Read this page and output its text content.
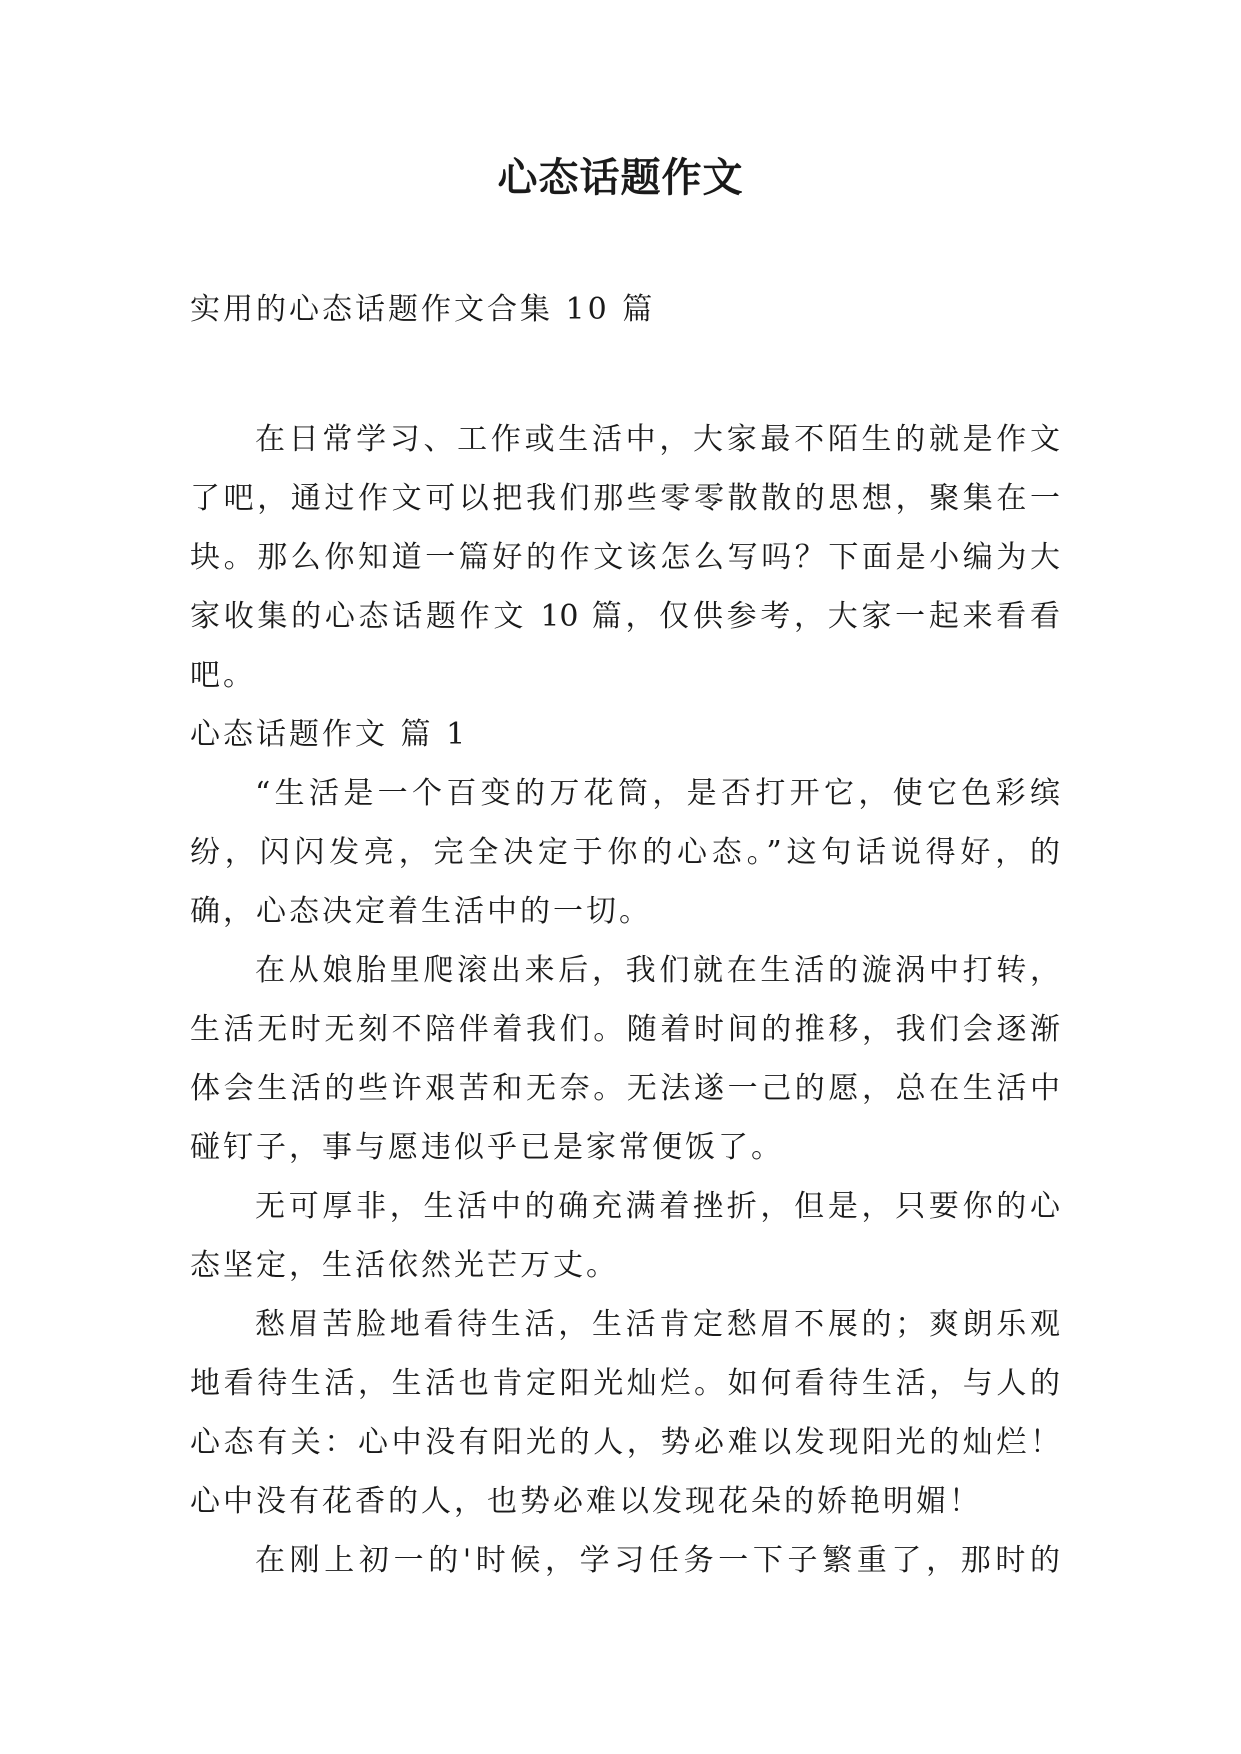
心态话题作文

实用的心态话题作文合集 10 篇

在日常学习、工作或生活中，大家最不陌生的就是作文

了吧，通过作文可以把我们那些零零散散的思想，聚集在一

块。那么你知道一篇好的作文该怎么写吗？下面是小编为大

家收集的心态话题作文 10 篇，仅供参考，大家一起来看看

吧。

心态话题作文 篇 1

“生活是一个百变的万花筒，是否打开它，使它色彩缤

纷，闪闪发亮，完全决定于你的心态。”这句话说得好，的

确，心态决定着生活中的一切。

在从娘胎里爬滚出来后，我们就在生活的漩涡中打转，

生活无时无刻不陪伴着我们。随着时间的推移，我们会逐渐

体会生活的些许艰苦和无奈。无法遂一己的愿，总在生活中

碰钉子，事与愿违似乎已是家常便饭了。

无可厚非，生活中的确充满着挫折，但是，只要你的心

态坚定，生活依然光芒万丈。

愁眉苦脸地看待生活，生活肯定愁眉不展的；爽朗乐观

地看待生活，生活也肯定阳光灿烂。如何看待生活，与人的

心态有关：心中没有阳光的人，势必难以发现阳光的灿烂！

心中没有花香的人，也势必难以发现花朵的娇艳明媚！

在刚上初一的'时候，学习任务一下子繁重了，那时的
